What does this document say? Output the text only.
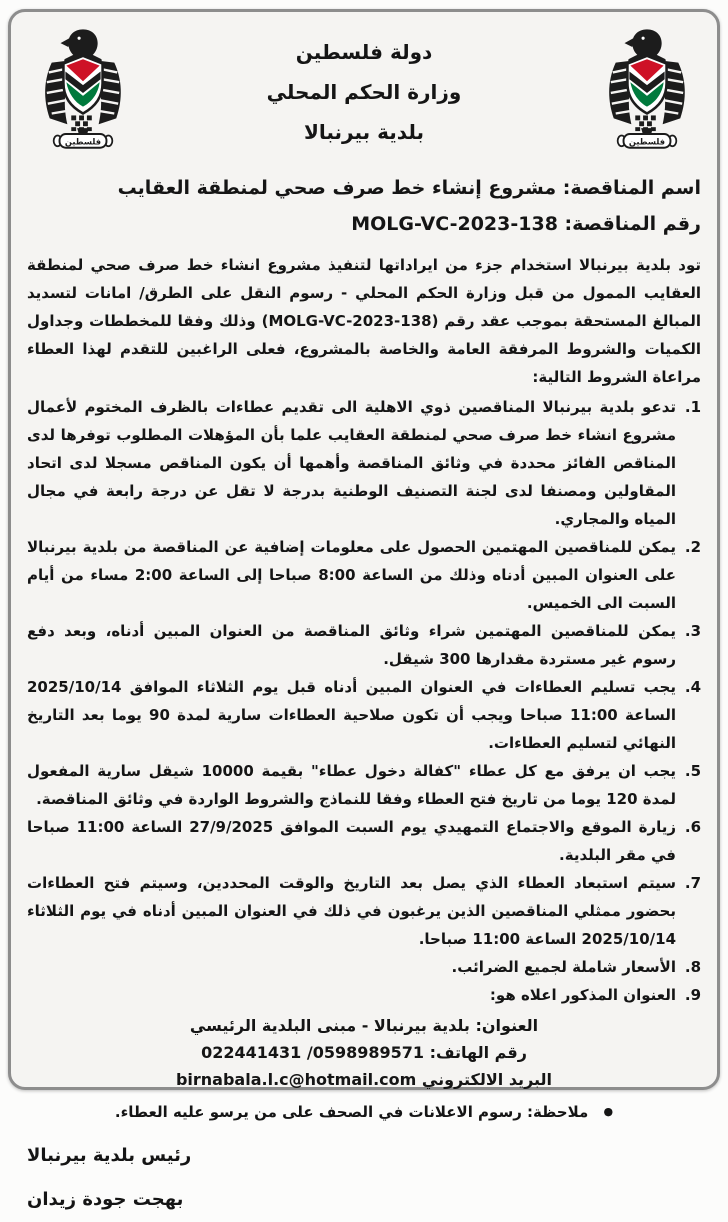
فلسطين
فلسطين
دولة فلسطين
وزارة الحكم المحلي
بلدية بيرنبالا
اسم المناقصة: مشروع إنشاء خط صرف صحي لمنطقة العقايب
رقم المناقصة: MOLG-VC-2023-138
تود بلدية بيرنبالا استخدام جزء من ايراداتها لتنفيذ مشروع انشاء خط صرف صحي لمنطقة العقايب الممول من قبل وزارة الحكم المحلي - رسوم النقل على الطرق/ امانات لتسديد المبالغ المستحقة بموجب عقد رقم (MOLG-VC-2023-138) وذلك وفقا للمخططات وجداول الكميات والشروط المرفقة العامة والخاصة بالمشروع، فعلى الراغبين للتقدم لهذا العطاء مراعاة الشروط التالية:
1.
تدعو بلدية بيرنبالا المناقصين ذوي الاهلية الى تقديم عطاءات بالظرف المختوم لأعمال مشروع انشاء خط صرف صحي لمنطقة العقايب علما بأن المؤهلات المطلوب توفرها لدى المناقص الفائز محددة في وثائق المناقصة وأهمها أن يكون المناقص مسجلا لدى اتحاد المقاولين ومصنفا لدى لجنة التصنيف الوطنية بدرجة لا تقل عن درجة رابعة في مجال المياه والمجاري.
2.
يمكن للمناقصين المهتمين الحصول على معلومات إضافية عن المناقصة من بلدية بيرنبالا على العنوان المبين أدناه وذلك من الساعة 8:00 صباحا إلى الساعة 2:00 مساء من أيام السبت الى الخميس.
3.
يمكن للمناقصين المهتمين شراء وثائق المناقصة من العنوان المبين أدناه، وبعد دفع رسوم غير مستردة مقدارها 300 شيقل.
4.
يجب تسليم العطاءات في العنوان المبين أدناه قبل يوم الثلاثاء الموافق 2025/10/14 الساعة 11:00 صباحا ويجب أن تكون صلاحية العطاءات سارية لمدة 90 يوما بعد التاريخ النهائي لتسليم العطاءات.
5.
يجب ان يرفق مع كل عطاء "كفالة دخول عطاء" بقيمة 10000 شيقل سارية المفعول لمدة 120 يوما من تاريخ فتح العطاء وفقا للنماذج والشروط الواردة في وثائق المناقصة.
6.
زيارة الموقع والاجتماع التمهيدي يوم السبت الموافق 27/9/2025 الساعة 11:00 صباحا في مقر البلدية.
7.
سيتم استبعاد العطاء الذي يصل بعد التاريخ والوقت المحددين، وسيتم فتح العطاءات بحضور ممثلي المناقصين الذين يرغبون في ذلك في العنوان المبين أدناه في يوم الثلاثاء 2025/10/14 الساعة 11:00 صباحا.
8.
الأسعار شاملة لجميع الضرائب.
9.
العنوان المذكور اعلاه هو:
العنوان: بلدية بيرنبالا - مبنى البلدية الرئيسي
رقم الهاتف: 0598989571/ 022441431
البريد الالكتروني birnabala.l.c@hotmail.com
● ملاحظة: رسوم الاعلانات في الصحف على من يرسو عليه العطاء.
رئيس بلدية بيرنبالا
بهجت جودة زيدان
